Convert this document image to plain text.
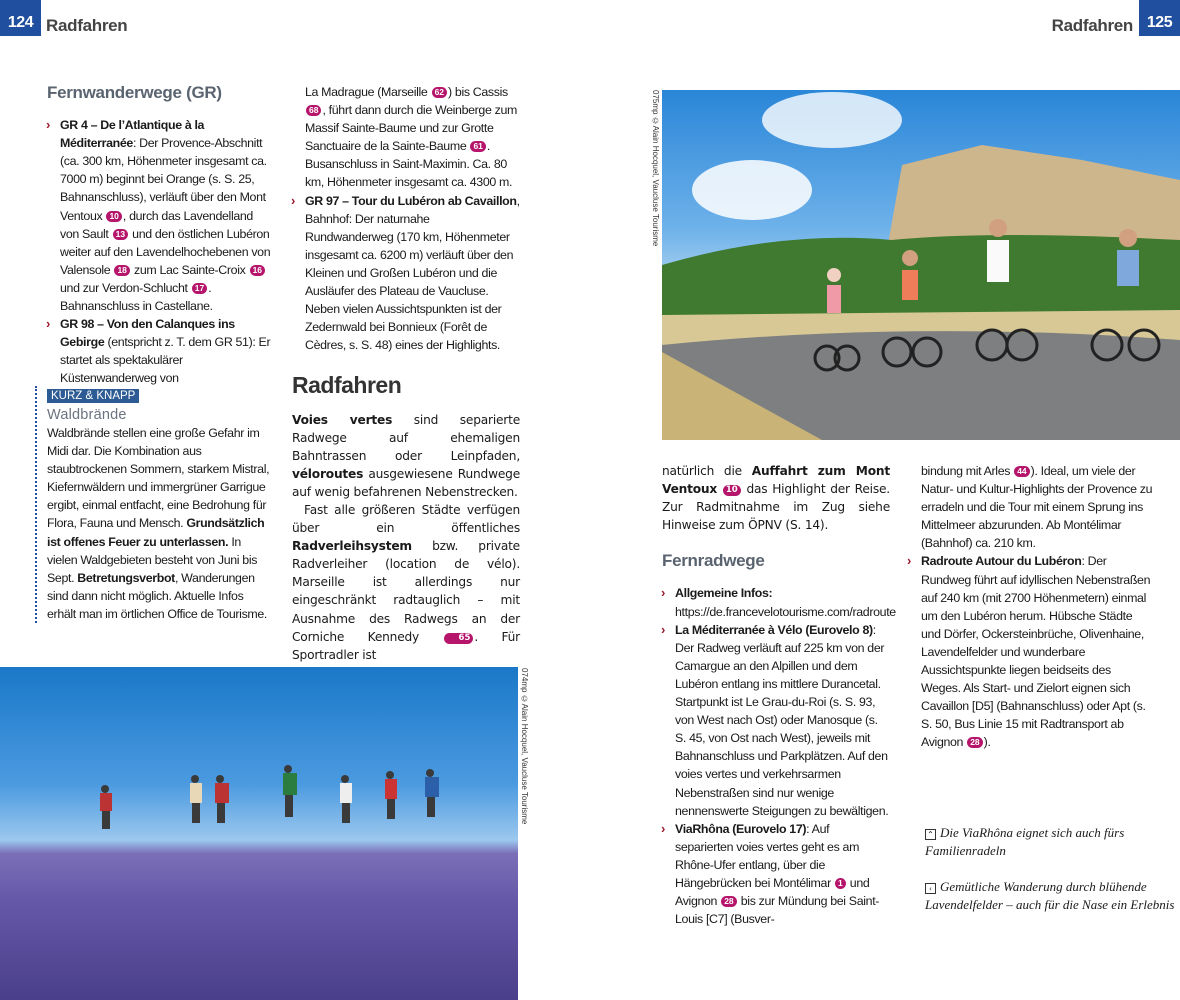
124 Radfahren	Radfahren 125
Fernwanderwege (GR)
› GR 4 – De l’Atlantique à la Méditerranée: Der Provence-Abschnitt (ca. 300 km, Höhenmeter insgesamt ca. 7000 m) beginnt bei Orange (s. S. 25, Bahnanschluss), verläuft über den Mont Ventoux 10 , durch das Lavendelland von Sault 13 und den östlichen Lubéron weiter auf den Lavendelhochebenen von Valensole 18 zum Lac Sainte-Croix 16 und zur Verdon-Schlucht 17 . Bahnanschluss in Castellane.
› GR 98 – Von den Calanques ins Gebirge (entspricht z. T. dem GR 51): Er startet als spektakulärer Küstenwanderweg von
KURZ & KNAPP
Waldbrände
Waldbrände stellen eine große Gefahr im Midi dar. Die Kombination aus staubtrockenen Sommern, starkem Mistral, Kiefernwäldern und immergrüner Garrigue ergibt, einmal entfacht, eine Bedrohung für Flora, Fauna und Mensch. Grundsätzlich ist offenes Feuer zu unterlassen. In vielen Waldgebieten besteht von Juni bis Sept. Betretungsverbot, Wanderungen sind dann nicht möglich. Aktuelle Infos erhält man im örtlichen Office de Tourisme.
La Madrague (Marseille 62 ) bis Cassis 68 , führt dann durch die Weinberge zum Massif Sainte-Baume und zur Grotte Sanctuaire de la Sainte-Baume 61 . Busanschluss in Saint-Maximin. Ca. 80 km, Höhenmeter insgesamt ca. 4300 m.
› GR 97 – Tour du Lubéron ab Cavaillon, Bahnhof: Der naturnahe Rundwanderweg (170 km, Höhenmeter insgesamt ca. 6200 m) verläuft über den Kleinen und Großen Lubéron und die Ausläufer des Plateau de Vaucluse. Neben vielen Aussichtspunkten ist der Zedernwald bei Bonnieux (Forêt de Cèdres, s. S. 48) eines der Highlights.
Radfahren
Voies vertes sind separierte Radwege auf ehemaligen Bahntrassen oder Leinpfaden, véloroutes ausgewiesene Rundwege auf wenig befahrenen Nebenstrecken.
Fast alle größeren Städte verfügen über ein öffentliches Radverleihsystem bzw. private Radverleiher (location de vélo). Marseille ist allerdings nur eingeschränkt radtauglich – mit Ausnahme des Radwegs an der Corniche Kennedy 65 . Für Sportradler ist
074mp ©Alain Hocquel, Vaucluse Tourisme
075mp ©Alain Hocquel, Vaucluse Tourisme
natürlich die Auffahrt zum Mont Ventoux 10 das Highlight der Reise. Zur Radmitnahme im Zug siehe Hinweise zum ÖPNV (S. 14).
Fernradwege
› Allgemeine Infos: https://de.francevelotourisme.com/radroute
› La Méditerranée à Vélo (Eurovelo 8): Der Radweg verläuft auf 225 km von der Camargue an den Alpillen und dem Lubéron entlang ins mittlere Durancetal. Startpunkt ist Le Grau-du-Roi (s. S. 93, von West nach Ost) oder Manosque (s. S. 45, von Ost nach West), jeweils mit Bahnanschluss und Parkplätzen. Auf den voies vertes und verkehrsarmen Nebenstraßen sind nur wenige nennenswerte Steigungen zu bewältigen.
› ViaRhôna (Eurovelo 17): Auf separierten voies vertes geht es am Rhône-Ufer entlang, über die Hängebrücken bei Montélimar 1 und Avignon 28 bis zur Mündung bei Saint-Louis [C7] (Busver-
bindung mit Arles 44 ). Ideal, um viele der Natur- und Kultur-Highlights der Provence zu erradeln und die Tour mit einem Sprung ins Mittelmeer abzurunden. Ab Montélimar (Bahnhof) ca. 210 km.
› Radroute Autour du Lubéron: Der Rundweg führt auf idyllischen Nebenstraßen auf 240 km (mit 2700 Höhenmetern) einmal um den Lubéron herum. Hübsche Städte und Dörfer, Ockersteinbrüche, Olivenhaine, Lavendelfelder und wunderbare Aussichtspunkte liegen beidseits des Weges. Als Start- und Zielort eignen sich Cavaillon [D5] (Bahnanschluss) oder Apt (s. S. 50, Bus Linie 15 mit Radtransport ab Avignon 28 ).
⌃ Die ViaRhôna eignet sich auch fürs Familienradeln
‹ Gemütliche Wanderung durch blühende Lavendelfelder – auch für die Nase ein Erlebnis
